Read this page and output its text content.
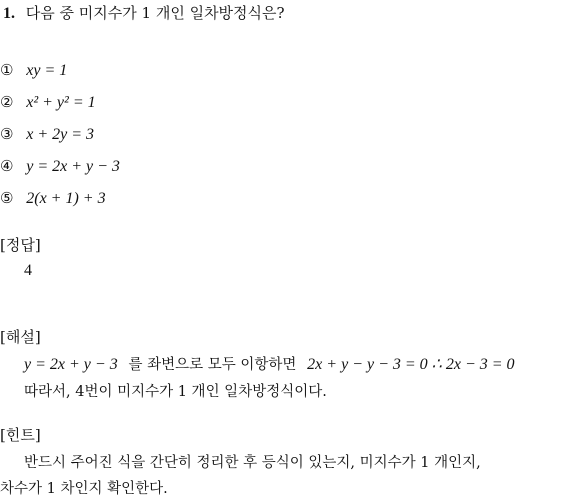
1. 다음 중 미지수가 1 개인 일차방정식은?
① xy = 1
② x² + y² = 1
③ x + 2y = 3
④ y = 2x + y − 3
⑤ 2(x + 1) + 3
[정답]
4
[해설]
y = 2x + y − 3 를 좌변으로 모두 이항하면 2x + y − y − 3 = 0 ∴ 2x − 3 = 0
따라서, 4번이 미지수가 1 개인 일차방정식이다.
[힌트]
반드시 주어진 식을 간단히 정리한 후 등식이 있는지, 미지수가 1 개인지,
차수가 1 차인지 확인한다.
